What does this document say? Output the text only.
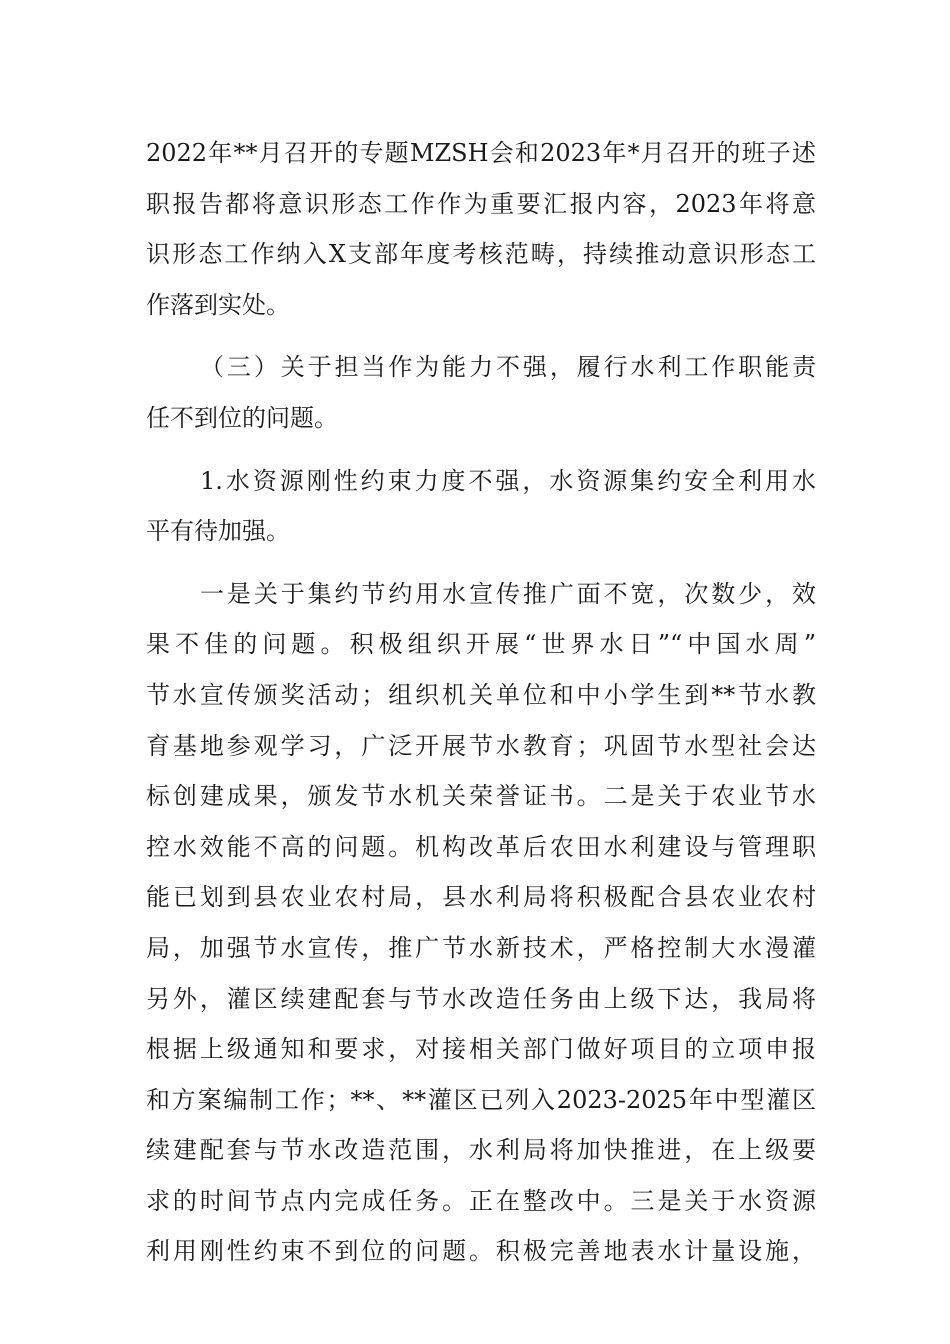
2022年**月召开的专题MZSH会和2023年*月召开的班子述
职报告都将意识形态工作作为重要汇报内容，2023年将意
识形态工作纳入X支部年度考核范畴，持续推动意识形态工
作落到实处。
（三）关于担当作为能力不强，履行水利工作职能责
任不到位的问题。
1.水资源刚性约束力度不强，水资源集约安全利用水
平有待加强。
一是关于集约节约用水宣传推广面不宽，次数少，效
果不佳的问题。积极组织开展“世界水日”“中国水周”
节水宣传颁奖活动；组织机关单位和中小学生到**节水教
育基地参观学习，广泛开展节水教育；巩固节水型社会达
标创建成果，颁发节水机关荣誉证书。二是关于农业节水
控水效能不高的问题。机构改革后农田水利建设与管理职
能已划到县农业农村局，县水利局将积极配合县农业农村
局，加强节水宣传，推广节水新技术，严格控制大水漫灌
另外，灌区续建配套与节水改造任务由上级下达，我局将
根据上级通知和要求，对接相关部门做好项目的立项申报
和方案编制工作；**、**灌区已列入2023-2025年中型灌区
续建配套与节水改造范围，水利局将加快推进，在上级要
求的时间节点内完成任务。正在整改中。三是关于水资源
利用刚性约束不到位的问题。积极完善地表水计量设施，
